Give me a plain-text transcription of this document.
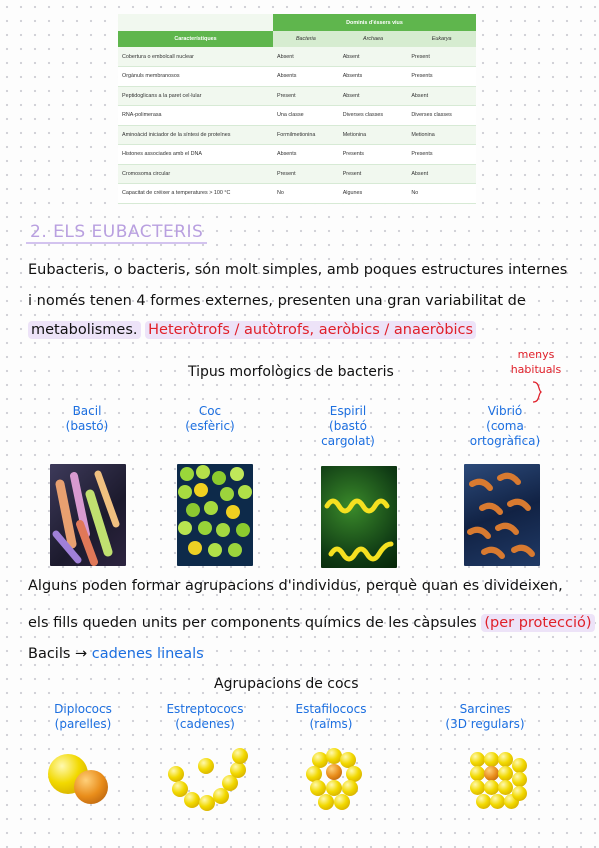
	Dominis d'éssers vius		
Característiques	Bacteria	Archaea	Eukarya
Cobertura o embolcall nuclear	Absent	Absent	Present
Orgànuls membranosos	Absents	Absents	Presents
Peptidoglicans a la paret cel·lular	Present	Absent	Absent
RNA-polimerasa	Una classe	Diverses classes	Diverses classes
Aminoàcid iniciador de la síntesi de proteïnes	Formilmetionina	Metionina	Metionina
Histones associades amb el DNA	Absents	Presents	Presents
Cromosoma circular	Present	Present	Absent
Capacitat de créixer a temperatures > 100 °C	No	Algunes	No
2. ELS EUBACTERIS
Eubacteris, o bacteris, són molt simples, amb poques estructures internes
i només tenen 4 formes externes, presenten una gran variabilitat de
metabolismes. Heteròtrofs / autòtrofs, aeròbics / anaeròbics
Tipus morfològics de bacteris
menys habituals
Bacil
(bastó)
Coc
(esfèric)
Espiril
(bastó cargolat)
Vibrió
(coma ortogràfica)
Alguns poden formar agrupacions d'individus, perquè quan es divideixen,
els fills queden units per components químics de les càpsules (per protecció)
Bacils → cadenes lineals
Agrupacions de cocs
Diplococs
(parelles)
Estreptococs
(cadenes)
Estafilococs
(raïms)
Sarcines
(3D regulars)
